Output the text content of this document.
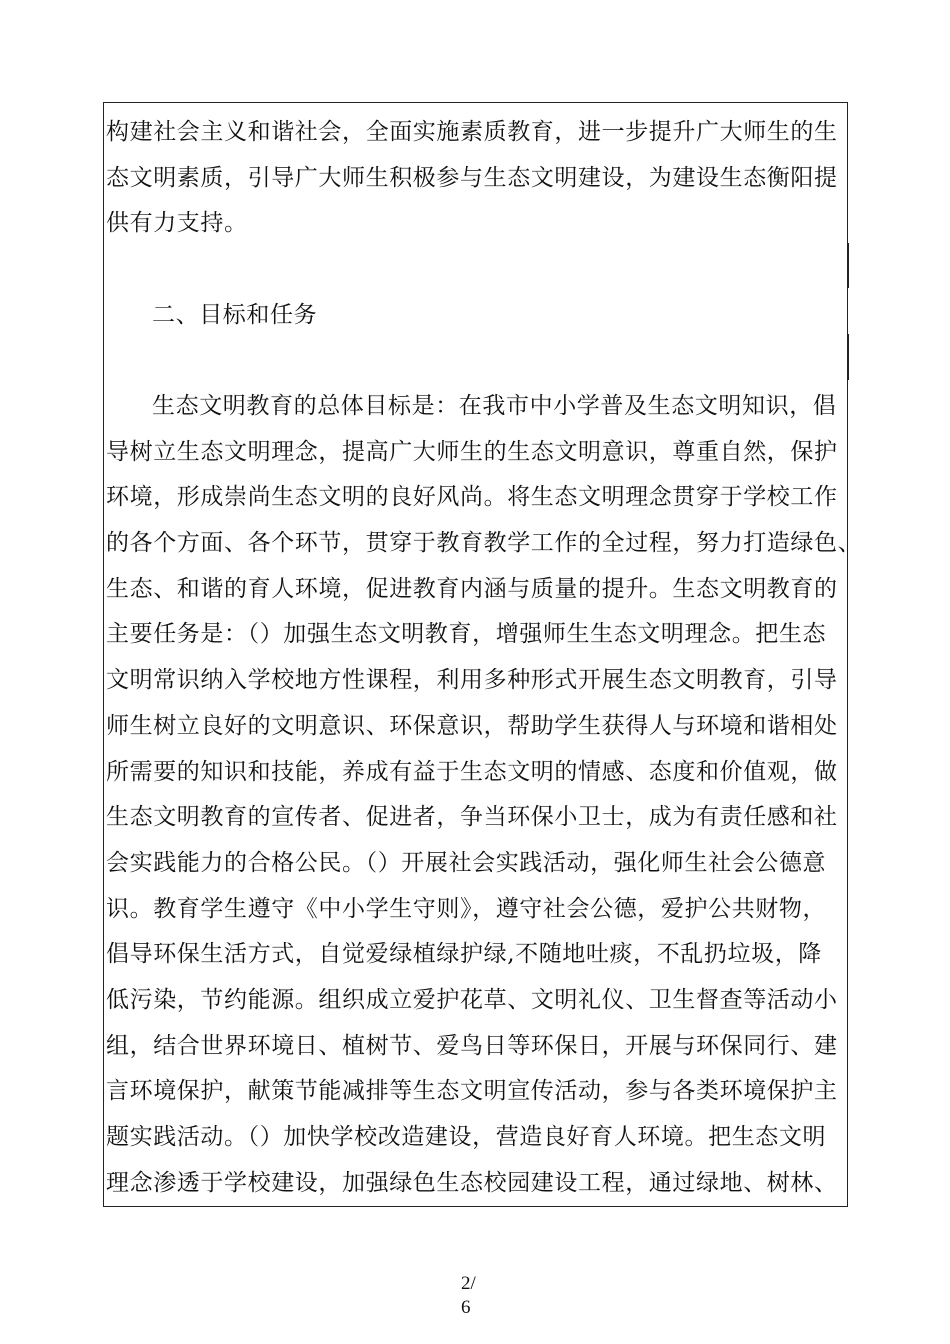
构建社会主义和谐社会，全面实施素质教育，进一步提升广大师生的生
态文明素质，引导广大师生积极参与生态文明建设，为建设生态衡阳提
供有力支持。
二、目标和任务
生态文明教育的总体目标是：在我市中小学普及生态文明知识，倡
导树立生态文明理念，提高广大师生的生态文明意识，尊重自然，保护
环境，形成崇尚生态文明的良好风尚。将生态文明理念贯穿于学校工作
的各个方面、各个环节，贯穿于教育教学工作的全过程，努力打造绿色、
生态、和谐的育人环境，促进教育内涵与质量的提升。生态文明教育的
主要任务是：（）加强生态文明教育，增强师生生态文明理念。把生态
文明常识纳入学校地方性课程，利用多种形式开展生态文明教育，引导
师生树立良好的文明意识、环保意识，帮助学生获得人与环境和谐相处
所需要的知识和技能，养成有益于生态文明的情感、态度和价值观，做
生态文明教育的宣传者、促进者，争当环保小卫士，成为有责任感和社
会实践能力的合格公民。（）开展社会实践活动，强化师生社会公德意
识。教育学生遵守《中小学生守则》，遵守社会公德，爱护公共财物，
倡导环保生活方式，自觉爱绿植绿护绿,不随地吐痰，不乱扔垃圾，降
低污染，节约能源。组织成立爱护花草、文明礼仪、卫生督查等活动小
组，结合世界环境日、植树节、爱鸟日等环保日，开展与环保同行、建
言环境保护，献策节能减排等生态文明宣传活动，参与各类环境保护主
题实践活动。（）加快学校改造建设，营造良好育人环境。把生态文明
理念渗透于学校建设，加强绿色生态校园建设工程，通过绿地、树林、
2/
6
